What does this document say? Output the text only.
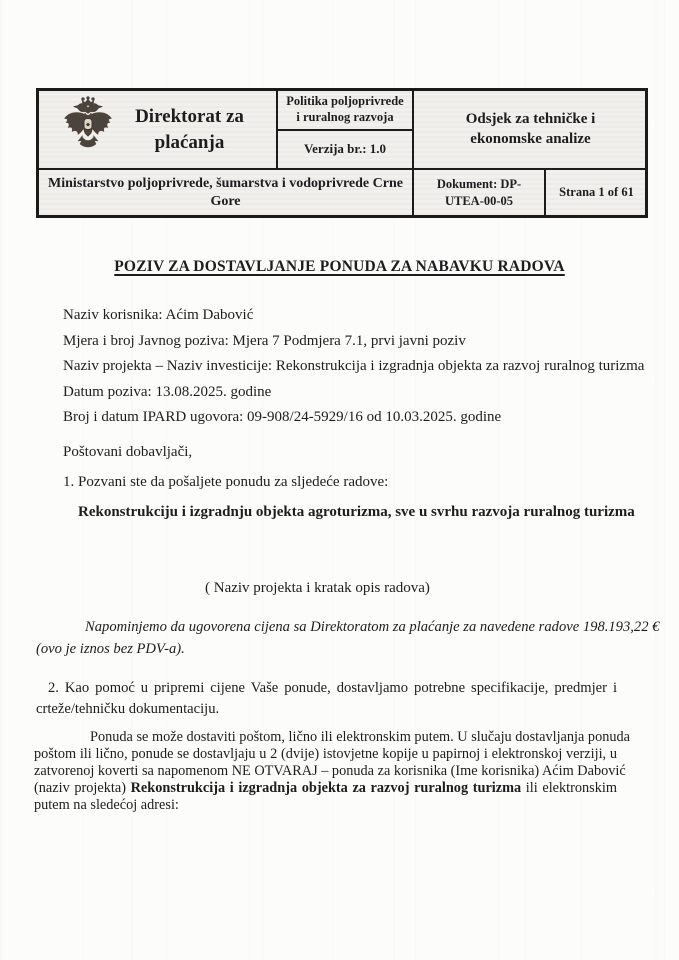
Direktorat za plaćanja
Politika poljoprivrede i ruralnog razvoja
Verzija br.: 1.0
Odsjek za tehničke i ekonomske analize
Ministarstvo poljoprivrede, šumarstva i vodoprivrede Crne Gore
Dokument: DP-UTEA-00-05
Strana 1 of 61
POZIV ZA DOSTAVLJANJE PONUDA ZA NABAVKU RADOVA
Naziv korisnika: Aćim Dabović
Mjera i broj Javnog poziva: Mjera 7 Podmjera 7.1, prvi javni poziv
Naziv projekta – Naziv investicije: Rekonstrukcija i izgradnja objekta za razvoj ruralnog turizma
Datum poziva: 13.08.2025. godine
Broj i datum IPARD ugovora: 09-908/24-5929/16 od 10.03.2025. godine
Poštovani dobavljači,
1. Pozvani ste da pošaljete ponudu za sljedeće radove:
Rekonstrukciju i izgradnju objekta agroturizma, sve u svrhu razvoja ruralnog turizma
( Naziv projekta i kratak opis radova)
Napominjemo da ugovorena cijena sa Direktoratom za plaćanje za navedene radove 198.193,22 €
(ovo je iznos bez PDV-a).
2. Kao pomoć u pripremi cijene Vaše ponude, dostavljamo potrebne specifikacije, predmjer i
crteže/tehničku dokumentaciju.
Ponuda se može dostaviti poštom, lično ili elektronskim putem. U slučaju dostavljanja ponuda
poštom ili lično, ponude se dostavljaju u 2 (dvije) istovjetne kopije u papirnoj i elektronskoj verziji, u
zatvorenoj koverti sa napomenom NE OTVARAJ – ponuda za korisnika (Ime korisnika) Aćim Dabović
(naziv projekta) Rekonstrukcija i izgradnja objekta za razvoj ruralnog turizma ili elektronskim
putem na sledećoj adresi:
